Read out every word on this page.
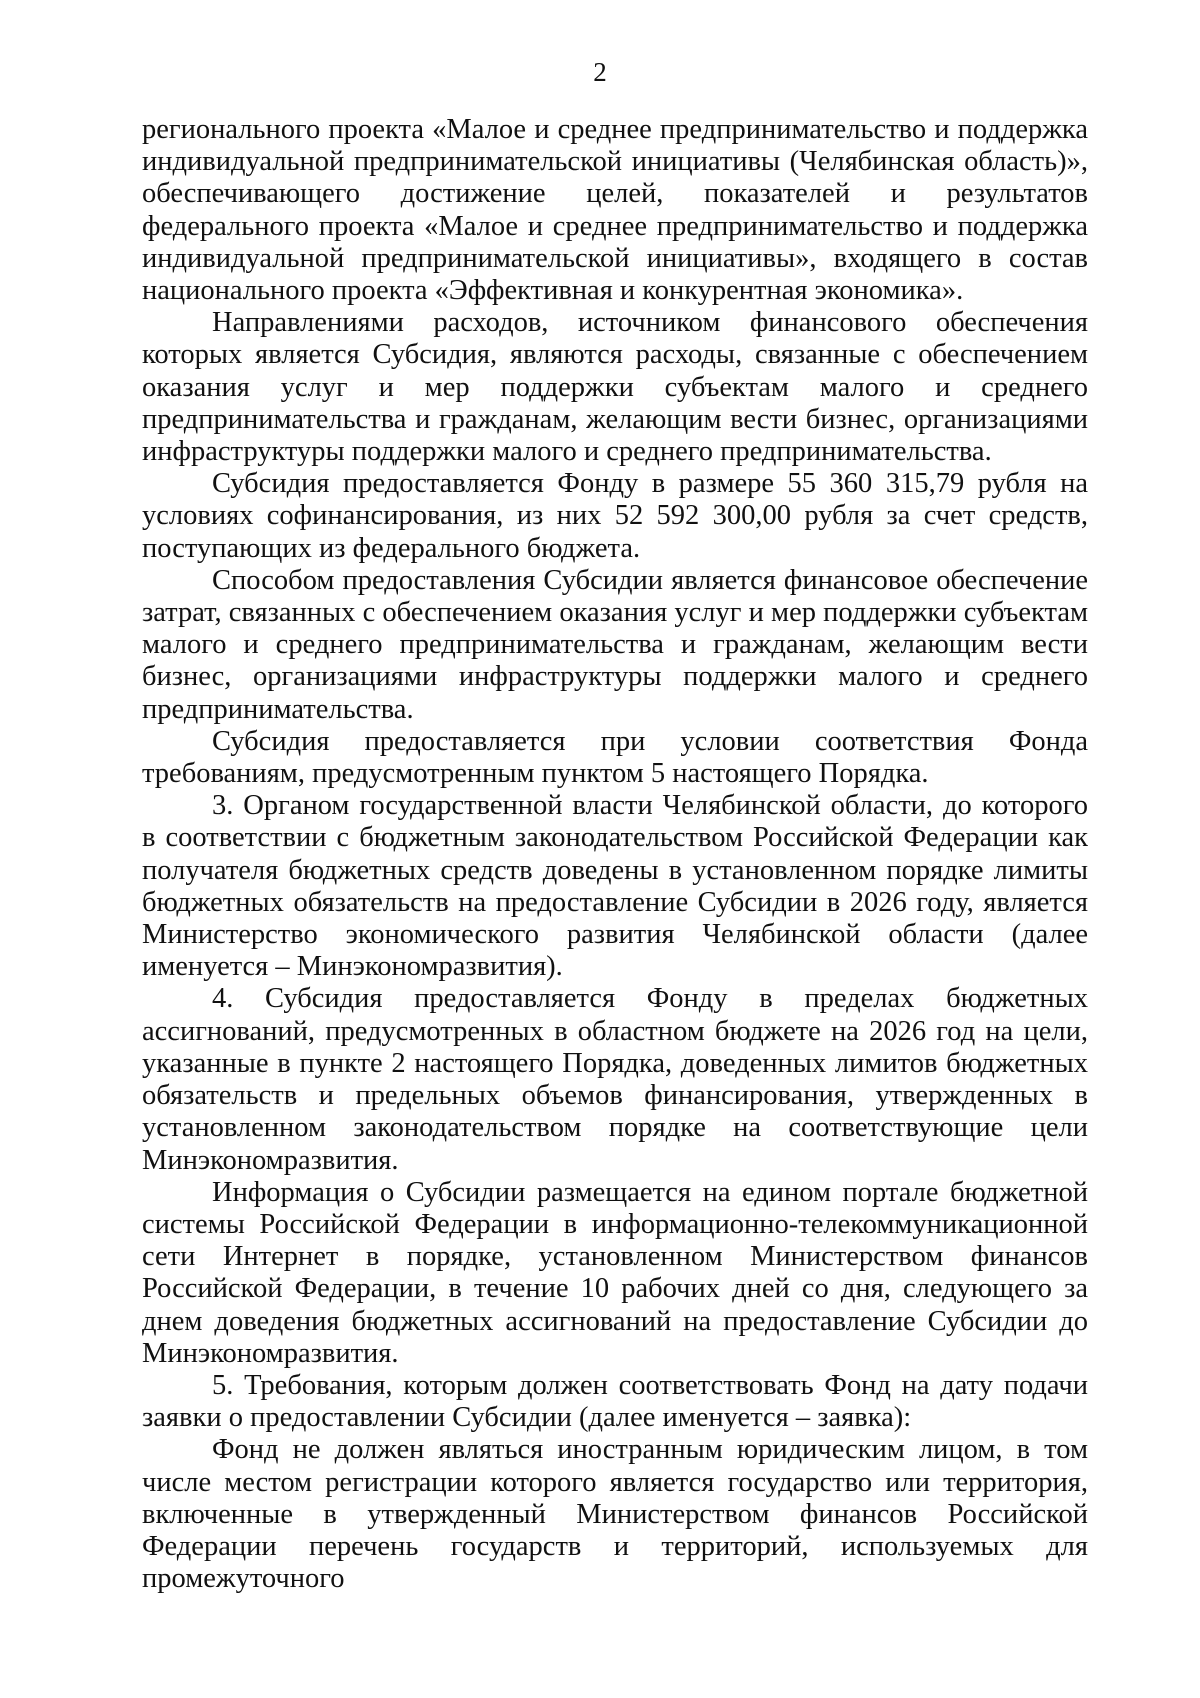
2

регионального проекта «Малое и среднее предпринимательство и поддержка индивидуальной предпринимательской инициативы (Челябинская область)», обеспечивающего достижение целей, показателей и результатов федерального проекта «Малое и среднее предпринимательство и поддержка индивидуальной предпринимательской инициативы», входящего в состав национального проекта «Эффективная и конкурентная экономика».

Направлениями расходов, источником финансового обеспечения которых является Субсидия, являются расходы, связанные с обеспечением оказания услуг и мер поддержки субъектам малого и среднего предпринимательства и гражданам, желающим вести бизнес, организациями инфраструктуры поддержки малого и среднего предпринимательства.

Субсидия предоставляется Фонду в размере 55 360 315,79 рубля на условиях софинансирования, из них 52 592 300,00 рубля за счет средств, поступающих из федерального бюджета.

Способом предоставления Субсидии является финансовое обеспечение затрат, связанных с обеспечением оказания услуг и мер поддержки субъектам малого и среднего предпринимательства и гражданам, желающим вести бизнес, организациями инфраструктуры поддержки малого и среднего предпринимательства.

Субсидия предоставляется при условии соответствия Фонда требованиям, предусмотренным пунктом 5 настоящего Порядка.

3. Органом государственной власти Челябинской области, до которого в соответствии с бюджетным законодательством Российской Федерации как получателя бюджетных средств доведены в установленном порядке лимиты бюджетных обязательств на предоставление Субсидии в 2026 году, является Министерство экономического развития Челябинской области (далее именуется – Минэкономразвития).

4. Субсидия предоставляется Фонду в пределах бюджетных ассигнований, предусмотренных в областном бюджете на 2026 год на цели, указанные в пункте 2 настоящего Порядка, доведенных лимитов бюджетных обязательств и предельных объемов финансирования, утвержденных в установленном законодательством порядке на соответствующие цели Минэкономразвития.

Информация о Субсидии размещается на едином портале бюджетной системы Российской Федерации в информационно-телекоммуникационной сети Интернет в порядке, установленном Министерством финансов Российской Федерации, в течение 10 рабочих дней со дня, следующего за днем доведения бюджетных ассигнований на предоставление Субсидии до Минэкономразвития.

5. Требования, которым должен соответствовать Фонд на дату подачи заявки о предоставлении Субсидии (далее именуется – заявка):

Фонд не должен являться иностранным юридическим лицом, в том числе местом регистрации которого является государство или территория, включенные в утвержденный Министерством финансов Российской Федерации перечень государств и территорий, используемых для промежуточного
